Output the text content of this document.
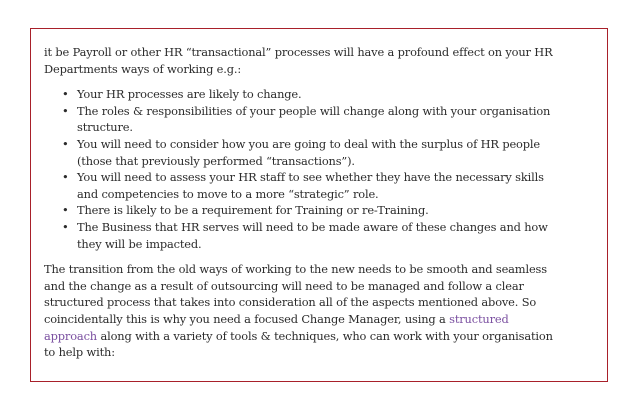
it be Payroll or other HR “transactional” processes will have a profound effect on your HR Departments ways of working e.g.:

• Your HR processes are likely to change.
• The roles & responsibilities of your people will change along with your organisation structure.
• You will need to consider how you are going to deal with the surplus of HR people (those that previously performed “transactions”).
• You will need to assess your HR staff to see whether they have the necessary skills and competencies to move to a more “strategic” role.
• There is likely to be a requirement for Training or re-Training.
• The Business that HR serves will need to be made aware of these changes and how they will be impacted.

The transition from the old ways of working to the new needs to be smooth and seamless and the change as a result of outsourcing will need to be managed and follow a clear structured process that takes into consideration all of the aspects mentioned above. So coincidentally this is why you need a focused Change Manager, using a structured approach along with a variety of tools & techniques, who can work with your organisation to help with:
